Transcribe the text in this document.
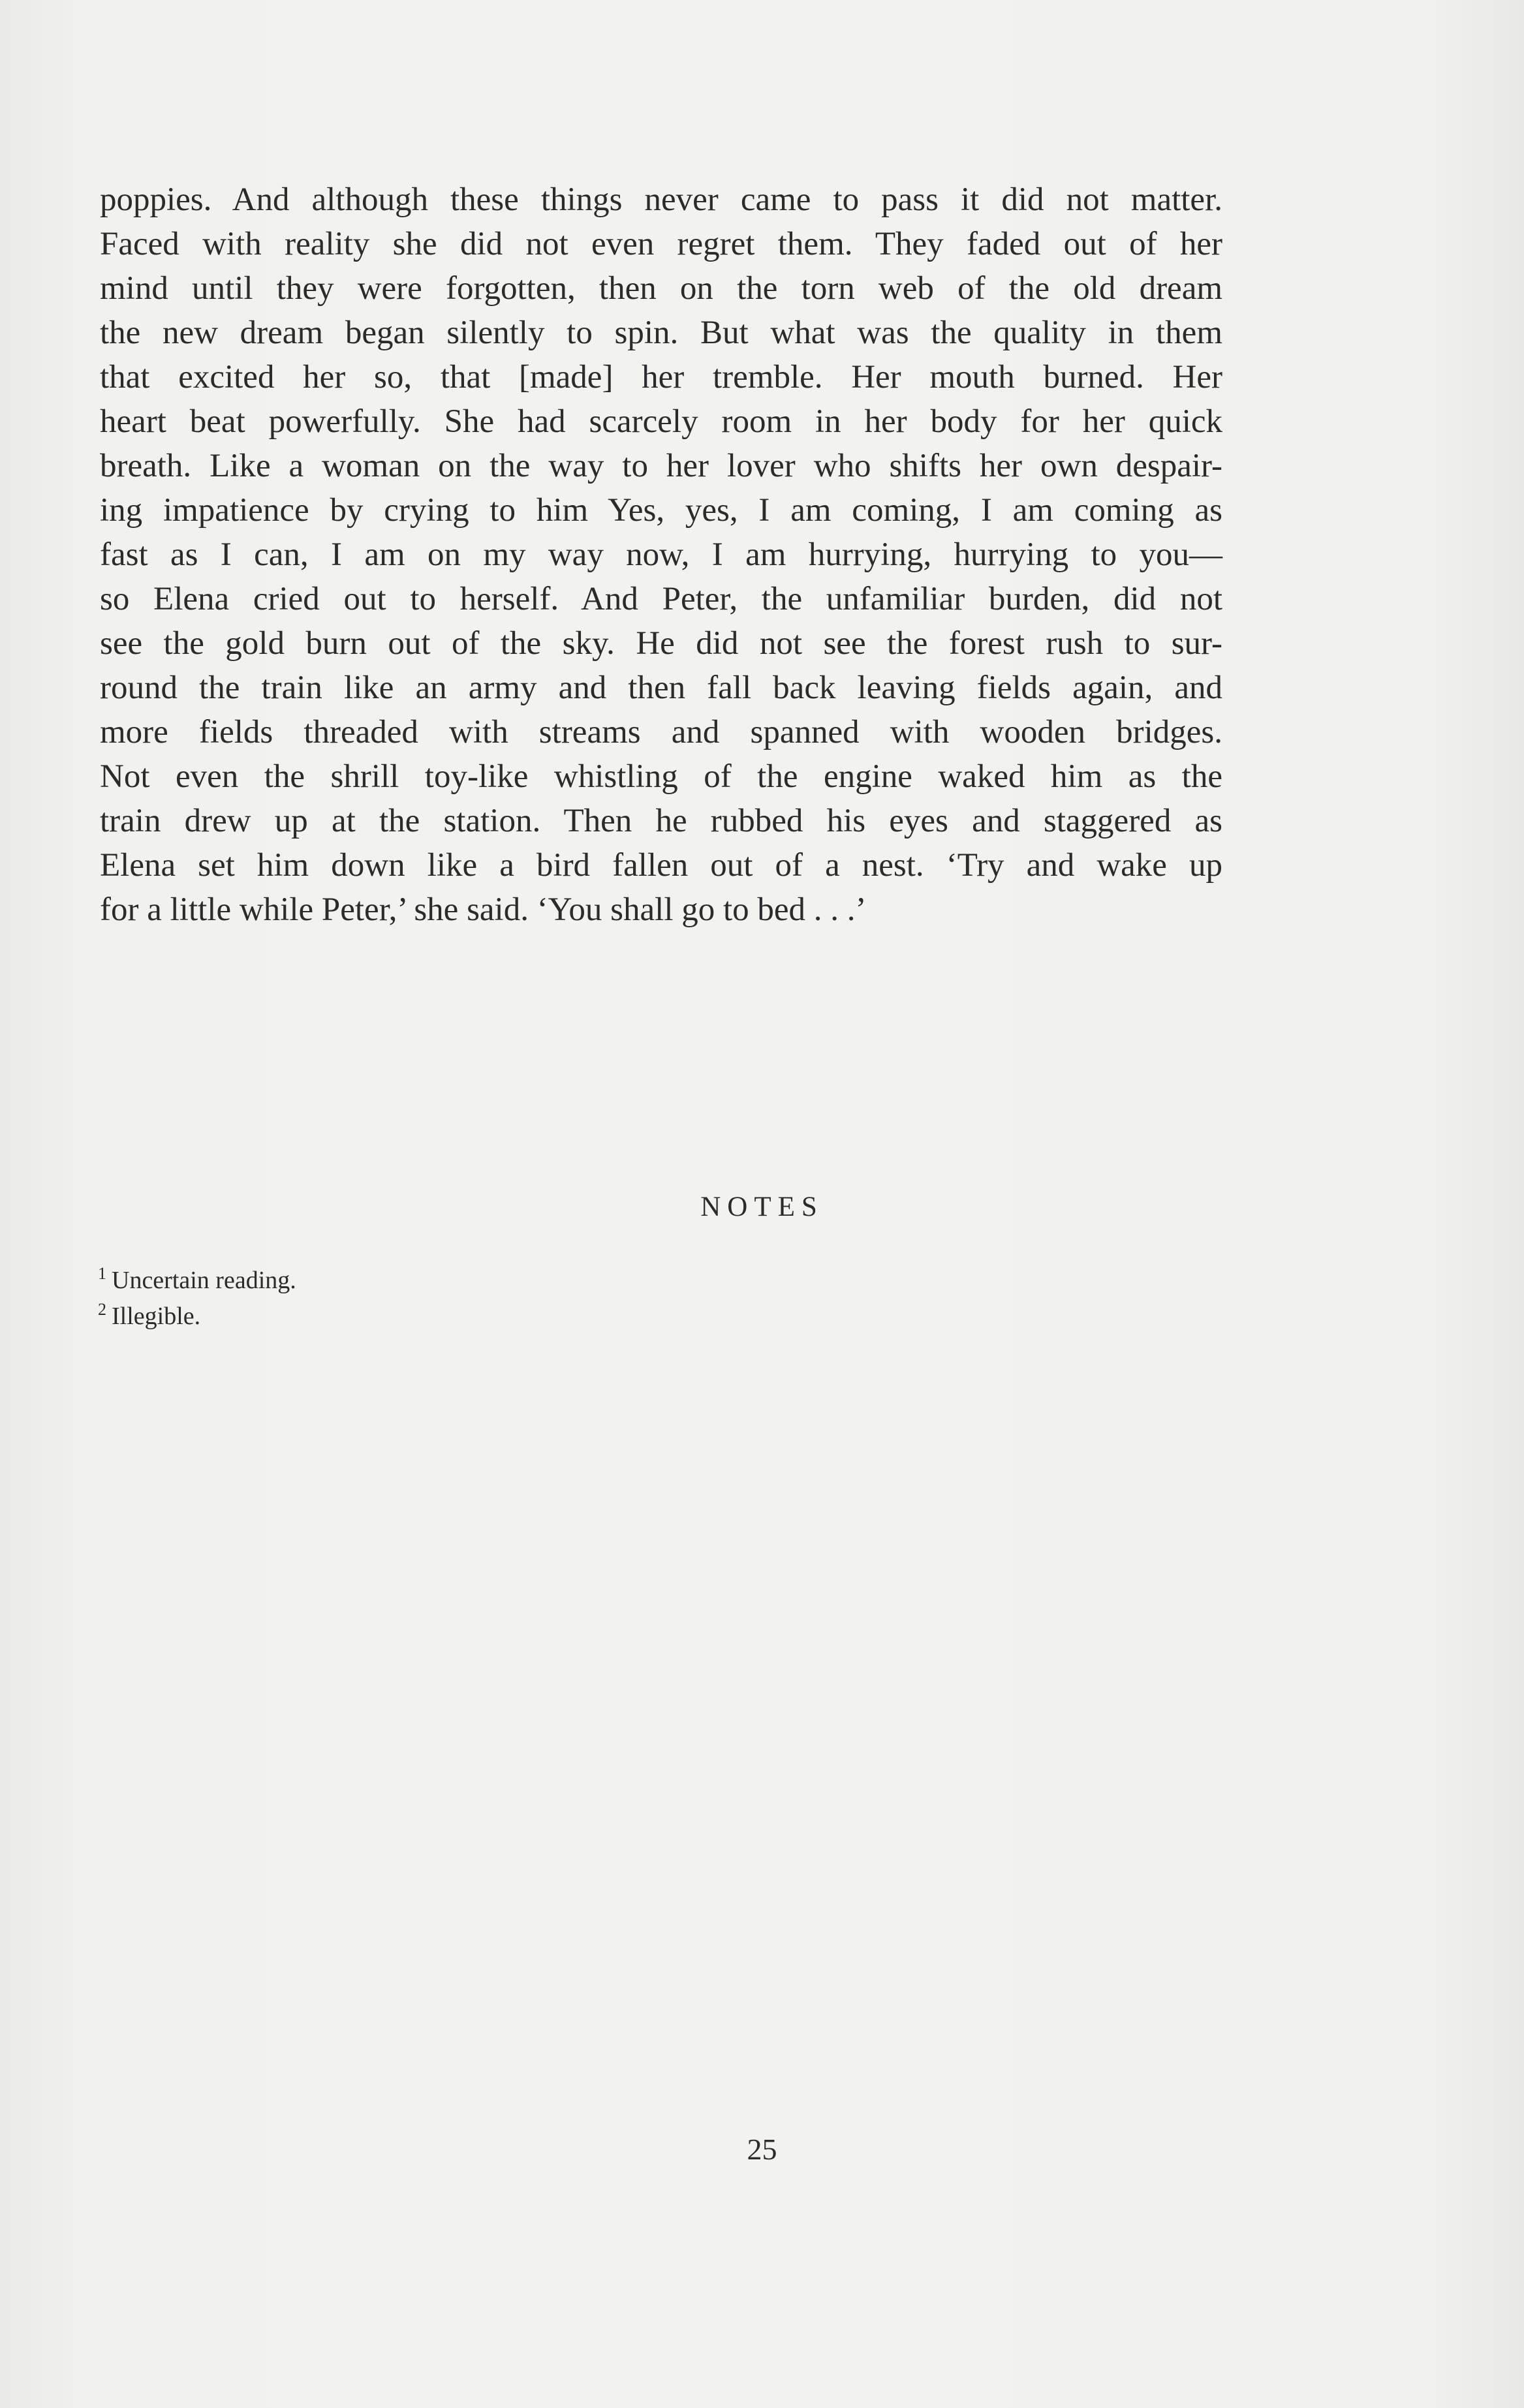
poppies. And although these things never came to pass it did not matter.
Faced with reality she did not even regret them. They faded out of her
mind until they were forgotten, then on the torn web of the old dream
the new dream began silently to spin. But what was the quality in them
that excited her so, that [made] her tremble. Her mouth burned. Her
heart beat powerfully. She had scarcely room in her body for her quick
breath. Like a woman on the way to her lover who shifts her own despair-
ing impatience by crying to him Yes, yes, I am coming, I am coming as
fast as I can, I am on my way now, I am hurrying, hurrying to you—
so Elena cried out to herself. And Peter, the unfamiliar burden, did not
see the gold burn out of the sky. He did not see the forest rush to sur-
round the train like an army and then fall back leaving fields again, and
more fields threaded with streams and spanned with wooden bridges.
Not even the shrill toy-like whistling of the engine waked him as the
train drew up at the station. Then he rubbed his eyes and staggered as
Elena set him down like a bird fallen out of a nest. ‘Try and wake up
for a little while Peter,’ she said. ‘You shall go to bed . . .’
NOTES
$^1$ Uncertain reading.
$^2$ Illegible.
25
